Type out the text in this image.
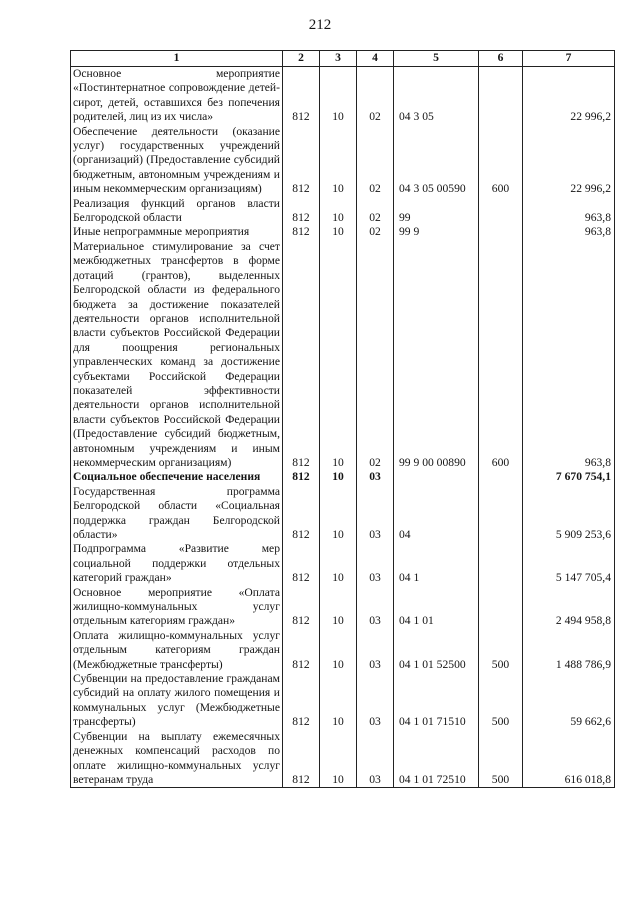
212
1	2	3	4	5	6	7
Основное мероприятие «Постинтернатное сопровождение детей-сирот, детей, оставшихся без попечения родителей, лиц из их числа»	812	10	02	04 3 05		22 996,2
Обеспечение деятельности (оказание услуг) государственных учреждений (организаций) (Предоставление субсидий бюджетным, автономным учреждениям и иным некоммерческим организациям)	812	10	02	04 3 05 00590	600	22 996,2
Реализация функций органов власти Белгородской области	812	10	02	99		963,8
Иные непрограммные мероприятия	812	10	02	99 9		963,8
Материальное стимулирование за счет межбюджетных трансфертов в форме дотаций (грантов), выделенных Белгородской области из федерального бюджета за достижение показателей деятельности органов исполнительной власти субъектов Российской Федерации для поощрения региональных управленческих команд за достижение субъектами Российской Федерации показателей эффективности деятельности органов исполнительной власти субъектов Российской Федерации (Предоставление субсидий бюджетным, автономным учреждениям и иным некоммерческим организациям)	812	10	02	99 9 00 00890	600	963,8
Социальное обеспечение населения	812	10	03			7 670 754,1
Государственная программа Белгородской области «Социальная поддержка граждан Белгородской области»	812	10	03	04		5 909 253,6
Подпрограмма «Развитие мер социальной поддержки отдельных категорий граждан»	812	10	03	04 1		5 147 705,4
Основное мероприятие «Оплата жилищно-коммунальных услуг отдельным категориям граждан»	812	10	03	04 1 01		2 494 958,8
Оплата жилищно-коммунальных услуг отдельным категориям граждан (Межбюджетные трансферты)	812	10	03	04 1 01 52500	500	1 488 786,9
Субвенции на предоставление гражданам субсидий на оплату жилого помещения и коммунальных услуг (Межбюджетные трансферты)	812	10	03	04 1 01 71510	500	59 662,6
Субвенции на выплату ежемесячных денежных компенсаций расходов по оплате жилищно-коммунальных услуг ветеранам труда	812	10	03	04 1 01 72510	500	616 018,8
